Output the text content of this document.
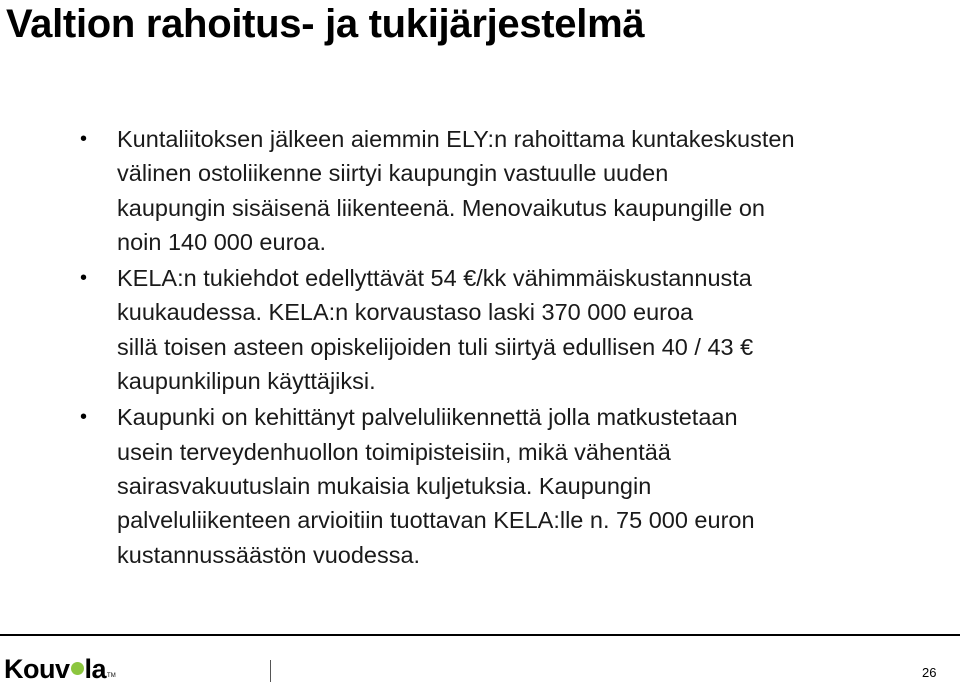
Valtion rahoitus- ja tukijärjestelmä
• Kuntaliitoksen jälkeen aiemmin ELY:n rahoittama kuntakeskusten
välinen ostoliikenne siirtyi kaupungin vastuulle uuden
kaupungin sisäisenä liikenteenä. Menovaikutus kaupungille on
noin 140 000 euroa.
• KELA:n tukiehdot edellyttävät 54 €/kk vähimmäiskustannusta
kuukaudessa. KELA:n korvaustaso laski 370 000 euroa
sillä toisen asteen opiskelijoiden tuli siirtyä edullisen 40 / 43 €
kaupunkilipun käyttäjiksi.
• Kaupunki on kehittänyt palveluliikennettä jolla matkustetaan
usein terveydenhuollon toimipisteisiin, mikä vähentää
sairasvakuutuslain mukaisia kuljetuksia. Kaupungin
palveluliikenteen arvioitiin tuottavan KELA:lle n. 75 000 euron
kustannussäästön vuodessa.
Kouv la TM	26
